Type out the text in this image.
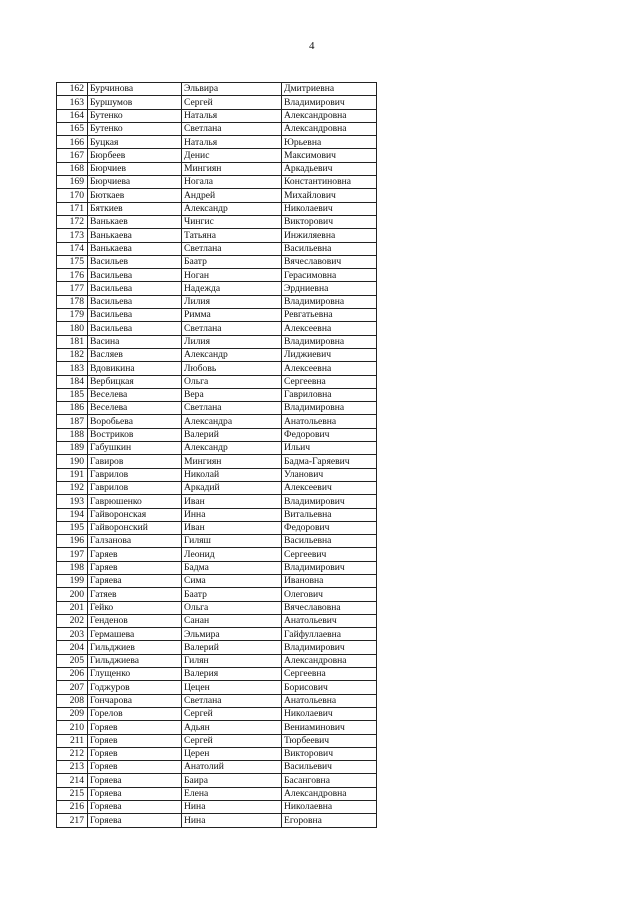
4
162	Бурчинова	Эльвира	Дмитриевна
163	Буршумов	Сергей	Владимирович
164	Бутенко	Наталья	Александровна
165	Бутенко	Светлана	Александровна
166	Буцкая	Наталья	Юрьевна
167	Бюрбеев	Денис	Максимович
168	Бюрчиев	Мингиян	Аркадьевич
169	Бюрчиева	Ногала	Константиновна
170	Бюткаев	Андрей	Михайлович
171	Бяткиев	Александр	Николаевич
172	Ванькаев	Чингис	Викторович
173	Ванькаева	Татьяна	Инжиляевна
174	Ванькаева	Светлана	Васильевна
175	Васильев	Баатр	Вячеславович
176	Васильева	Ноган	Герасимовна
177	Васильева	Надежда	Эрдниевна
178	Васильева	Лилия	Владимировна
179	Васильева	Римма	Ревгатьевна
180	Васильева	Светлана	Алексеевна
181	Васина	Лилия	Владимировна
182	Васляев	Александр	Лиджиевич
183	Вдовикина	Любовь	Алексеевна
184	Вербицкая	Ольга	Сергеевна
185	Веселева	Вера	Гавриловна
186	Веселева	Светлана	Владимировна
187	Воробьева	Александра	Анатольевна
188	Востриков	Валерий	Федорович
189	Габушкин	Александр	Ильич
190	Гавиров	Мингиян	Бадма-Гаряевич
191	Гаврилов	Николай	Уланович
192	Гаврилов	Аркадий	Алексеевич
193	Гаврюшенко	Иван	Владимирович
194	Гайворонская	Инна	Витальевна
195	Гайворонский	Иван	Федорович
196	Галзанова	Гиляш	Васильевна
197	Гаряев	Леонид	Сергеевич
198	Гаряев	Бадма	Владимирович
199	Гаряева	Сима	Ивановна
200	Гатяев	Баатр	Олегович
201	Гейко	Ольга	Вячеславовна
202	Генденов	Санан	Анатольевич
203	Гермашева	Эльмира	Гайфуллаевна
204	Гильджиев	Валерий	Владимирович
205	Гильджиева	Гилян	Александровна
206	Глущенко	Валерия	Сергеевна
207	Годжуров	Цецен	Борисович
208	Гончарова	Светлана	Анатольевна
209	Горелов	Сергей	Николаевич
210	Горяев	Адьян	Вениаминович
211	Горяев	Сергей	Тюрбеевич
212	Горяев	Церен	Викторович
213	Горяев	Анатолий	Васильевич
214	Горяева	Баира	Басанговна
215	Горяева	Елена	Александровна
216	Горяева	Нина	Николаевна
217	Горяева	Нина	Егоровна
